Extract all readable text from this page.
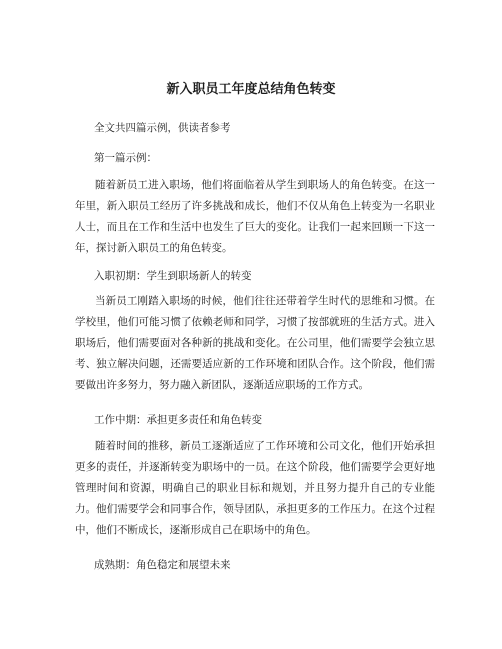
新入职员工年度总结角色转变
全文共四篇示例，供读者参考
第一篇示例：

随着新员工进入职场，他们将面临着从学生到职场人的角色转变。在这一年里，新入职员工经历了许多挑战和成长，他们不仅从角色上转变为一名职业人士，而且在工作和生活中也发生了巨大的变化。让我们一起来回顾一下这一年，探讨新入职员工的角色转变。

入职初期：学生到职场新人的转变

当新员工刚踏入职场的时候，他们往往还带着学生时代的思维和习惯。在学校里，他们可能习惯了依赖老师和同学，习惯了按部就班的生活方式。进入职场后，他们需要面对各种新的挑战和变化。在公司里，他们需要学会独立思考、独立解决问题，还需要适应新的工作环境和团队合作。这个阶段，他们需要做出许多努力，努力融入新团队，逐渐适应职场的工作方式。

工作中期：承担更多责任和角色转变

随着时间的推移，新员工逐渐适应了工作环境和公司文化，他们开始承担更多的责任，并逐渐转变为职场中的一员。在这个阶段，他们需要学会更好地管理时间和资源，明确自己的职业目标和规划，并且努力提升自己的专业能力。他们需要学会和同事合作，领导团队，承担更多的工作压力。在这个过程中，他们不断成长，逐渐形成自己在职场中的角色。

成熟期：角色稳定和展望未来
